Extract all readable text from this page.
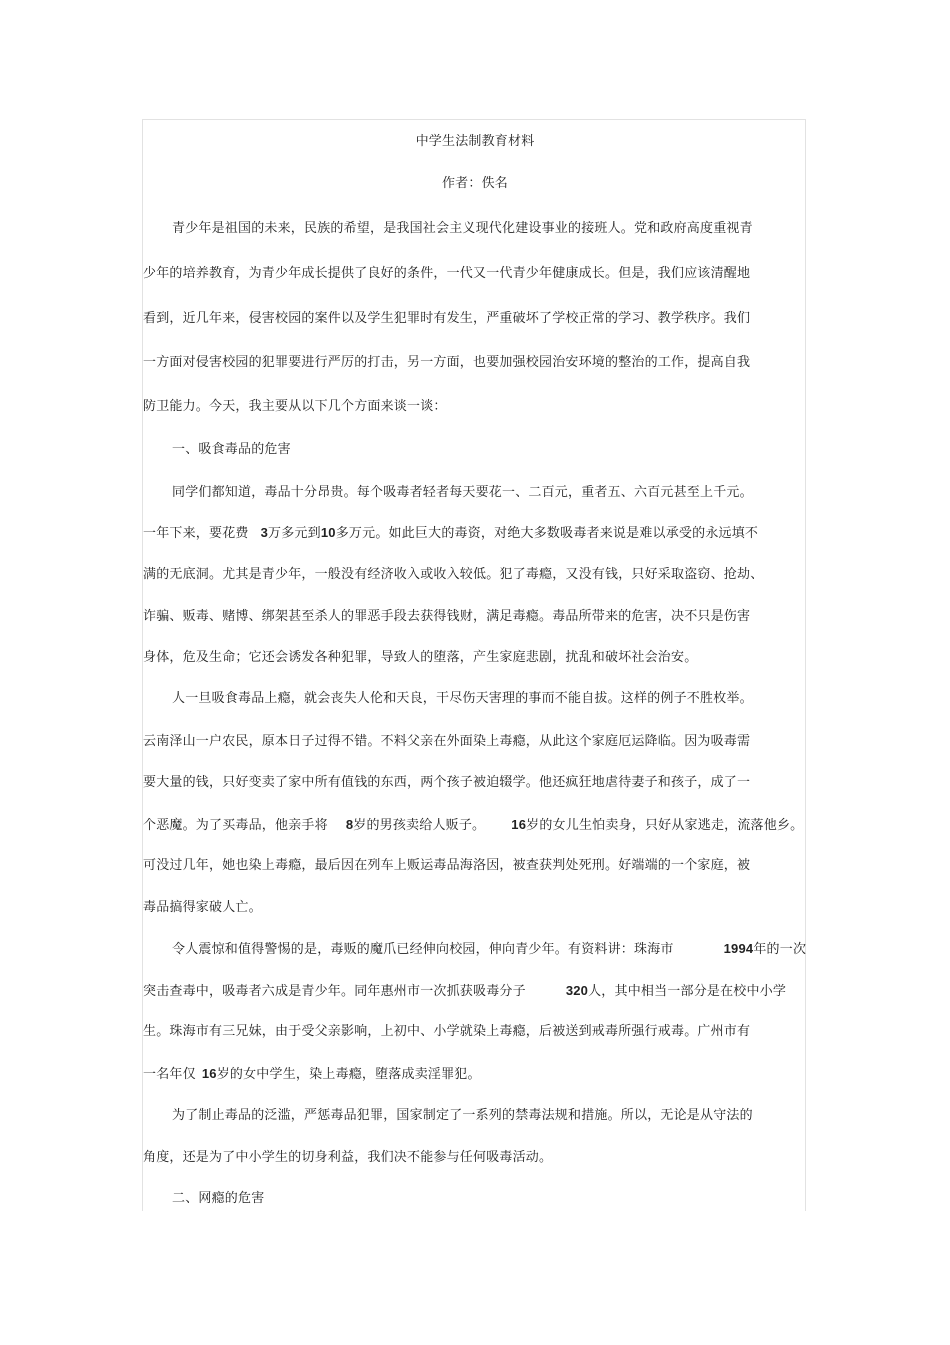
中学生法制教育材料
作者：佚名
青少年是祖国的未来，民族的希望，是我国社会主义现代化建设事业的接班人。党和政府高度重视青
少年的培养教育，为青少年成长提供了良好的条件，一代又一代青少年健康成长。但是，我们应该清醒地
看到，近几年来，侵害校园的案件以及学生犯罪时有发生，严重破坏了学校正常的学习、教学秩序。我们
一方面对侵害校园的犯罪要进行严厉的打击，另一方面，也要加强校园治安环境的整治的工作，提高自我
防卫能力。今天，我主要从以下几个方面来谈一谈：
一、吸食毒品的危害
同学们都知道，毒品十分昂贵。每个吸毒者轻者每天要花一、二百元，重者五、六百元甚至上千元。
一年下来，要花费 3万多元到10多万元。如此巨大的毒资，对绝大多数吸毒者来说是难以承受的永远填不
满的无底洞。尤其是青少年，一般没有经济收入或收入较低。犯了毒瘾，又没有钱，只好采取盗窃、抢劫、
诈骗、贩毒、赌博、绑架甚至杀人的罪恶手段去获得钱财，满足毒瘾。毒品所带来的危害，决不只是伤害
身体，危及生命；它还会诱发各种犯罪，导致人的堕落，产生家庭悲剧，扰乱和破坏社会治安。
人一旦吸食毒品上瘾，就会丧失人伦和天良，干尽伤天害理的事而不能自拔。这样的例子不胜枚举。
云南泽山一户农民，原本日子过得不错。不料父亲在外面染上毒瘾，从此这个家庭厄运降临。因为吸毒需
要大量的钱，只好变卖了家中所有值钱的东西，两个孩子被迫辍学。他还疯狂地虐待妻子和孩子，成了一
个恶魔。为了买毒品，他亲手将 8岁的男孩卖给人贩子。 16岁的女儿生怕卖身，只好从家逃走，流落他乡。
可没过几年，她也染上毒瘾，最后因在列车上贩运毒品海洛因，被查获判处死刑。好端端的一个家庭，被
毒品搞得家破人亡。
令人震惊和值得警惕的是，毒贩的魔爪已经伸向校园，伸向青少年。有资料讲：珠海市	1994年的一次
突击查毒中，吸毒者六成是青少年。同年惠州市一次抓获吸毒分子	320人，其中相当一部分是在校中小学
生。珠海市有三兄妹，由于受父亲影响，上初中、小学就染上毒瘾，后被送到戒毒所强行戒毒。广州市有
一名年仅 16岁的女中学生，染上毒瘾，堕落成卖淫罪犯。
为了制止毒品的泛滥，严惩毒品犯罪，国家制定了一系列的禁毒法规和措施。所以，无论是从守法的
角度，还是为了中小学生的切身利益，我们决不能参与任何吸毒活动。
二、网瘾的危害
